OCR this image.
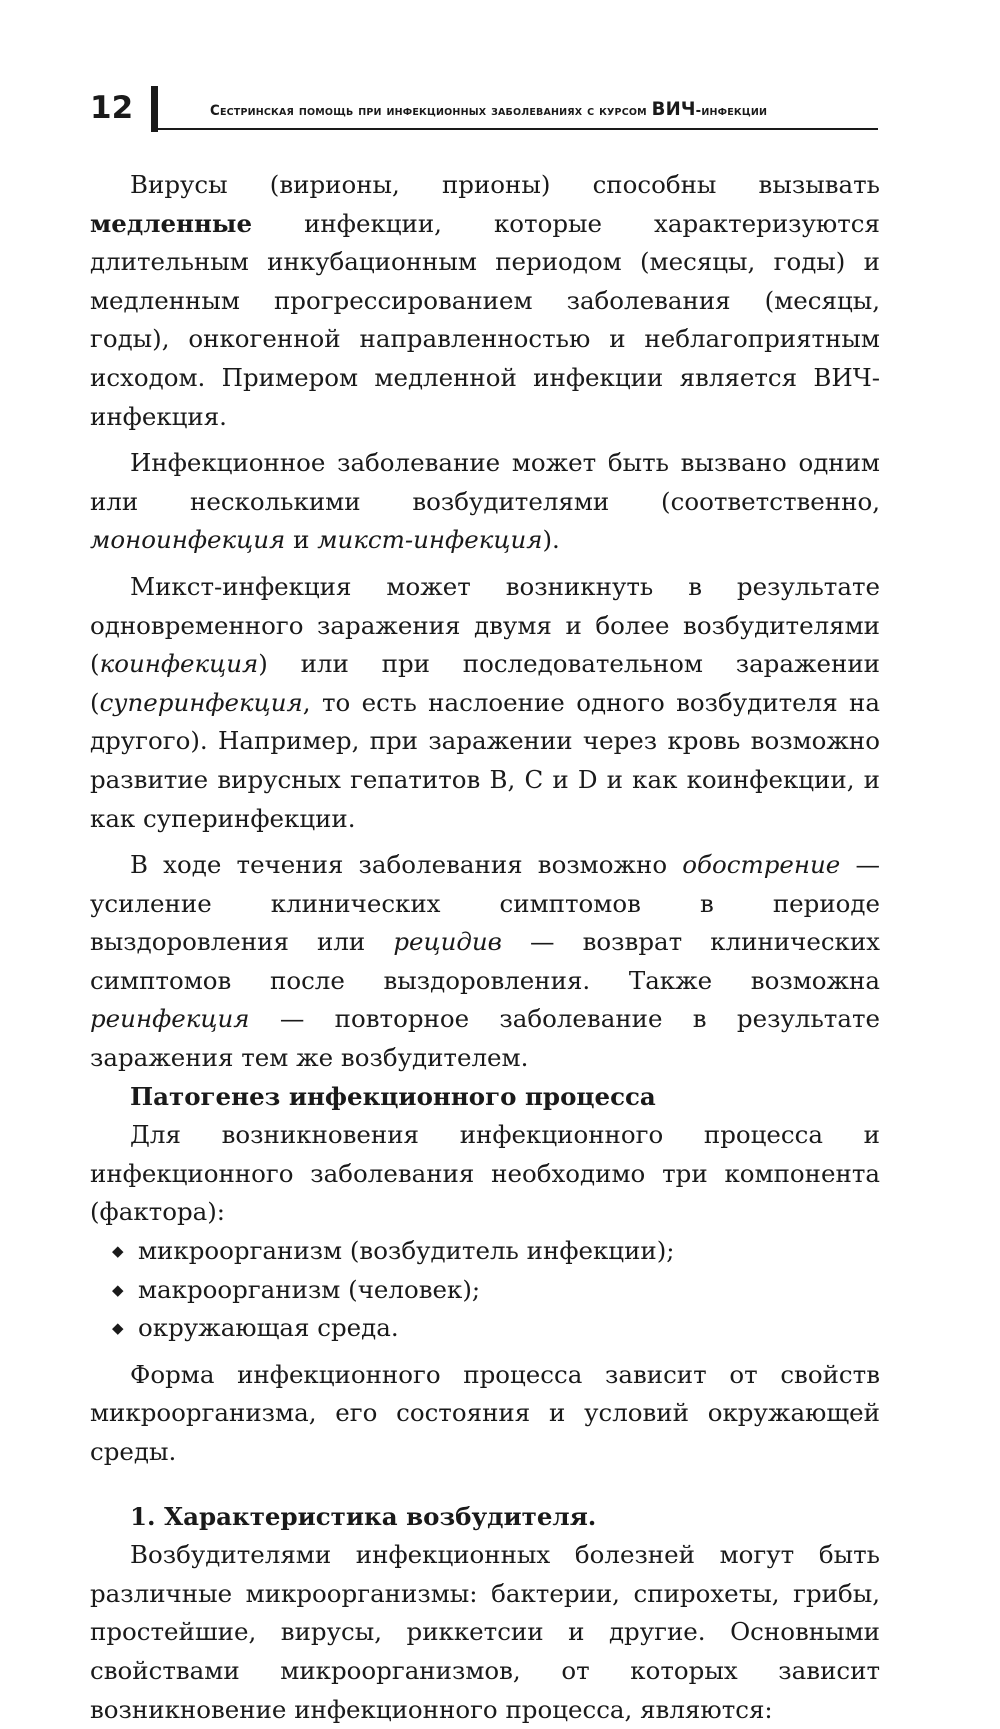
12	Сестринская помощь при инфекционных заболеваниях с курсом ВИЧ-инфекции

Вирусы (вирионы, прионы) способны вызывать медленные инфекции, которые характеризуются длительным инкубационным периодом (месяцы, годы) и медленным прогрессированием заболевания (месяцы, годы), онкогенной направленностью и неблагоприятным исходом. Примером медленной инфекции является ВИЧ-инфекция.

Инфекционное заболевание может быть вызвано одним или несколькими возбудителями (соответственно, моноинфекция и микст-инфекция).

Микст-инфекция может возникнуть в результате одновременного заражения двумя и более возбудителями (коинфекция) или при последовательном заражении (суперинфекция, то есть наслоение одного возбудителя на другого). Например, при заражении через кровь возможно развитие вирусных гепатитов B, C и D и как коинфекции, и как суперинфекции.

В ходе течения заболевания возможно обострение — усиление клинических симптомов в периоде выздоровления или рецидив — возврат клинических симптомов после выздоровления. Также возможна реинфекция — повторное заболевание в результате заражения тем же возбудителем.

Патогенез инфекционного процесса

Для возникновения инфекционного процесса и инфекционного заболевания необходимо три компонента (фактора):

◆ микроорганизм (возбудитель инфекции);
◆ макроорганизм (человек);
◆ окружающая среда.

Форма инфекционного процесса зависит от свойств микроорганизма, его состояния и условий окружающей среды.

1. Характеристика возбудителя.

Возбудителями инфекционных болезней могут быть различные микроорганизмы: бактерии, спирохеты, грибы, простейшие, вирусы, риккетсии и другие. Основными свойствами микроорганизмов, от которых зависит возникновение инфекционного процесса, являются:
